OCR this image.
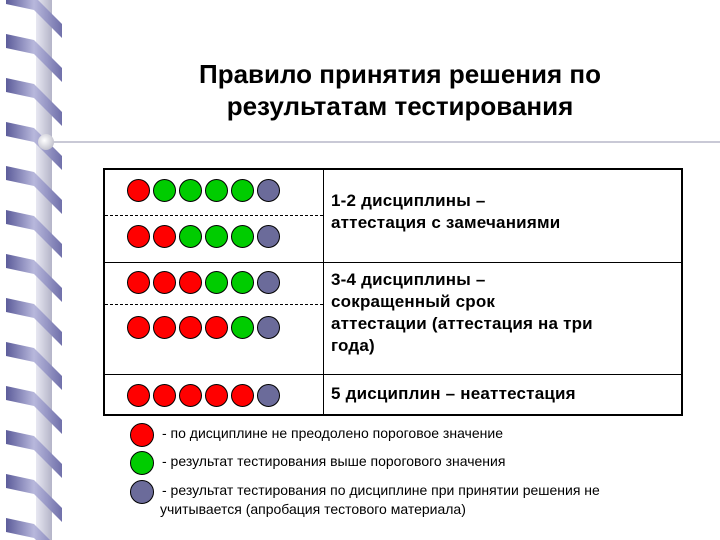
Правило принятия решения по
результатам тестирования
1-2 дисциплины –
аттестация с замечаниями
3-4 дисциплины –
сокращенный срок
аттестации (аттестация на три
года)
5 дисциплин – неаттестация
- по дисциплине не преодолено пороговое значение
- результат тестирования выше порогового значения
- результат тестирования по дисциплине при принятии решения не
учитывается (апробация тестового материала)
